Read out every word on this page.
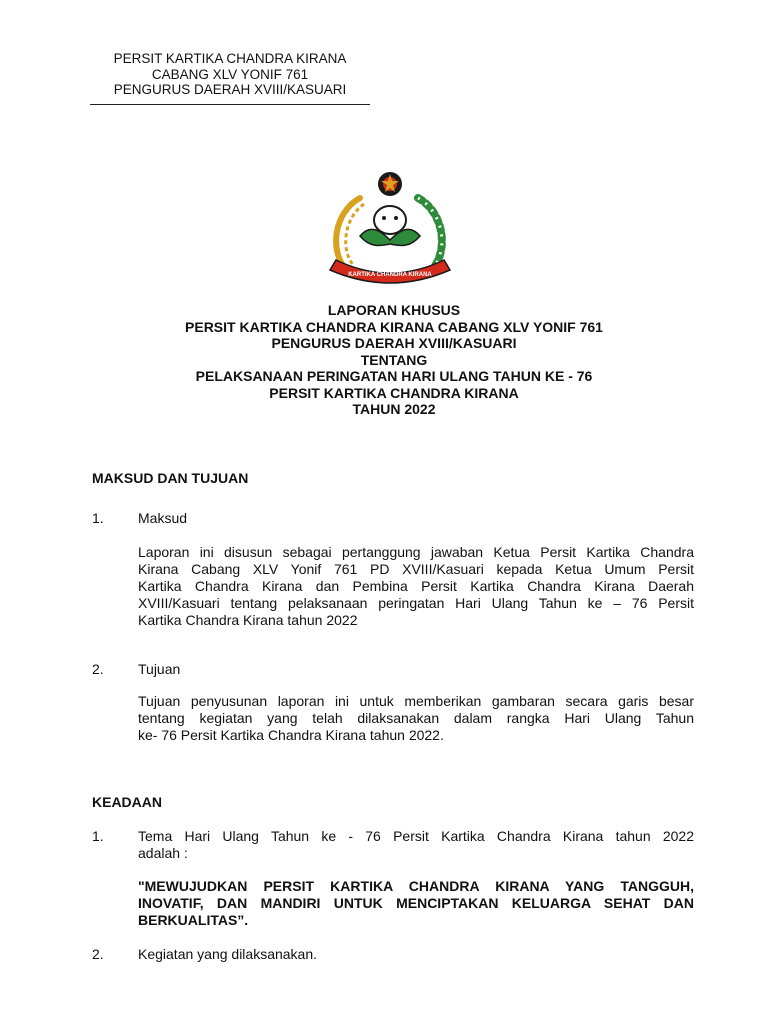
PERSIT KARTIKA CHANDRA KIRANA
CABANG XLV YONIF 761
PENGURUS DAERAH XVIII/KASUARI
KARTIKA CHANDRA KIRANA
LAPORAN KHUSUS
PERSIT KARTIKA CHANDRA KIRANA CABANG XLV YONIF 761
PENGURUS DAERAH XVIII/KASUARI
TENTANG
PELAKSANAAN PERINGATAN HARI ULANG TAHUN KE - 76
PERSIT KARTIKA CHANDRA KIRANA
TAHUN 2022
MAKSUD DAN TUJUAN
1. Maksud
Laporan ini disusun sebagai pertanggung jawaban Ketua Persit Kartika Chandra
Kirana Cabang XLV Yonif 761 PD XVIII/Kasuari kepada Ketua Umum Persit
Kartika Chandra Kirana dan Pembina Persit Kartika Chandra Kirana Daerah
XVIII/Kasuari tentang pelaksanaan peringatan Hari Ulang Tahun ke – 76 Persit
Kartika Chandra Kirana tahun 2022
2. Tujuan
Tujuan penyusunan laporan ini untuk memberikan gambaran secara garis besar
tentang kegiatan yang telah dilaksanakan dalam rangka Hari Ulang Tahun
ke- 76 Persit Kartika Chandra Kirana tahun 2022.
KEADAAN
1. Tema Hari Ulang Tahun ke - 76 Persit Kartika Chandra Kirana tahun 2022
adalah :
"MEWUJUDKAN PERSIT KARTIKA CHANDRA KIRANA YANG TANGGUH,
INOVATIF, DAN MANDIRI UNTUK MENCIPTAKAN KELUARGA SEHAT DAN
BERKUALITAS”.
2. Kegiatan yang dilaksanakan.
